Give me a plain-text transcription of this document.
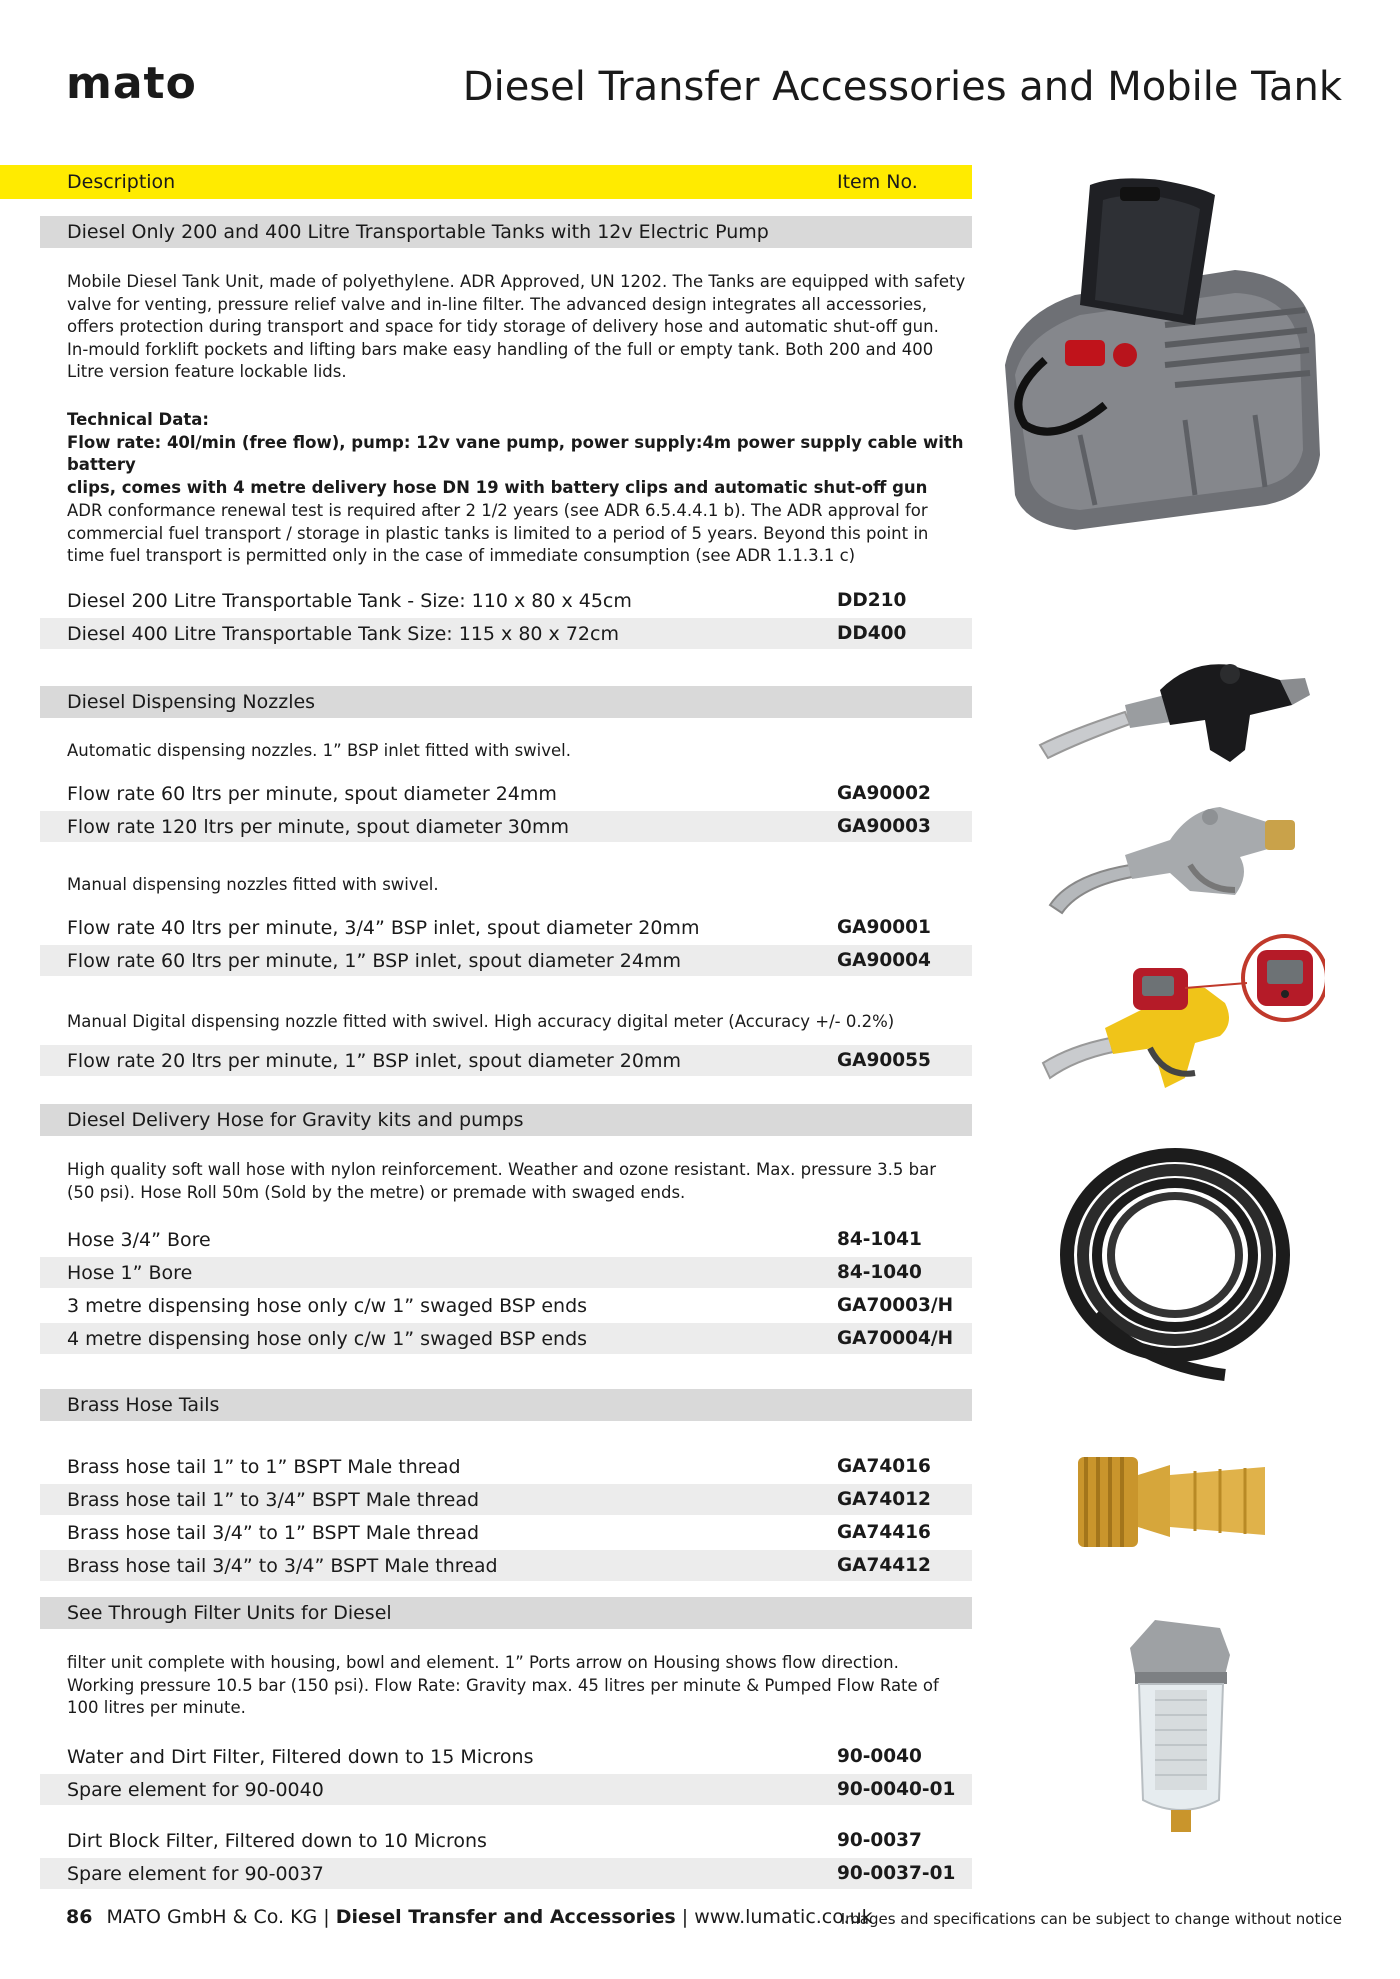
mato	Diesel Transfer Accessories and Mobile Tank
Description	Item No.
Diesel Only 200 and 400 Litre Transportable Tanks with 12v Electric Pump
Mobile Diesel Tank Unit, made of polyethylene. ADR Approved, UN 1202. The Tanks are equipped with safety
valve for venting, pressure relief valve and in-line filter. The advanced design integrates all accessories,
offers protection during transport and space for tidy storage of delivery hose and automatic shut-off gun.
In-mould forklift pockets and lifting bars make easy handling of the full or empty tank. Both 200 and 400
Litre version feature lockable lids.
Technical Data:
Flow rate: 40l/min (free flow), pump: 12v vane pump, power supply:4m power supply cable with battery
clips, comes with 4 metre delivery hose DN 19 with battery clips and automatic shut-off gun
ADR conformance renewal test is required after 2 1/2 years (see ADR 6.5.4.4.1 b). The ADR approval for
commercial fuel transport / storage in plastic tanks is limited to a period of 5 years. Beyond this point in
time fuel transport is permitted only in the case of immediate consumption (see ADR 1.1.3.1 c)
Diesel 200 Litre Transportable Tank - Size: 110 x 80 x 45cm	DD210
Diesel 400 Litre Transportable Tank Size: 115 x 80 x 72cm	DD400
Diesel Dispensing Nozzles
Automatic dispensing nozzles. 1” BSP inlet fitted with swivel.
Flow rate 60 ltrs per minute, spout diameter 24mm	GA90002
Flow rate 120 ltrs per minute, spout diameter 30mm	GA90003
Manual dispensing nozzles fitted with swivel.
Flow rate 40 ltrs per minute, 3/4” BSP inlet, spout diameter 20mm	GA90001
Flow rate 60 ltrs per minute, 1” BSP inlet, spout diameter 24mm	GA90004
Manual Digital dispensing nozzle fitted with swivel. High accuracy digital meter (Accuracy +/- 0.2%)
Flow rate 20 ltrs per minute, 1” BSP inlet, spout diameter 20mm	GA90055
Diesel Delivery Hose for Gravity kits and pumps
High quality soft wall hose with nylon reinforcement. Weather and ozone resistant. Max. pressure 3.5 bar
(50 psi). Hose Roll 50m (Sold by the metre) or premade with swaged ends.
Hose 3/4” Bore	84-1041
Hose 1” Bore	84-1040
3 metre dispensing hose only c/w 1” swaged BSP ends	GA70003/H
4 metre dispensing hose only c/w 1” swaged BSP ends	GA70004/H
Brass Hose Tails
Brass hose tail 1” to 1” BSPT Male thread	GA74016
Brass hose tail 1” to 3/4” BSPT Male thread	GA74012
Brass hose tail 3/4” to 1” BSPT Male thread	GA74416
Brass hose tail 3/4” to 3/4” BSPT Male thread	GA74412
See Through Filter Units for Diesel
filter unit complete with housing, bowl and element. 1” Ports arrow on Housing shows flow direction.
Working pressure 10.5 bar (150 psi). Flow Rate: Gravity max. 45 litres per minute & Pumped Flow Rate of
100 litres per minute.
Water and Dirt Filter, Filtered down to 15 Microns	90-0040
Spare element for 90-0040	90-0040-01
Dirt Block Filter, Filtered down to 10 Microns	90-0037
Spare element for 90-0037	90-0037-01
86 MATO GmbH & Co. KG | Diesel Transfer and Accessories | www.lumatic.co.uk
Images and specifications can be subject to change without notice
